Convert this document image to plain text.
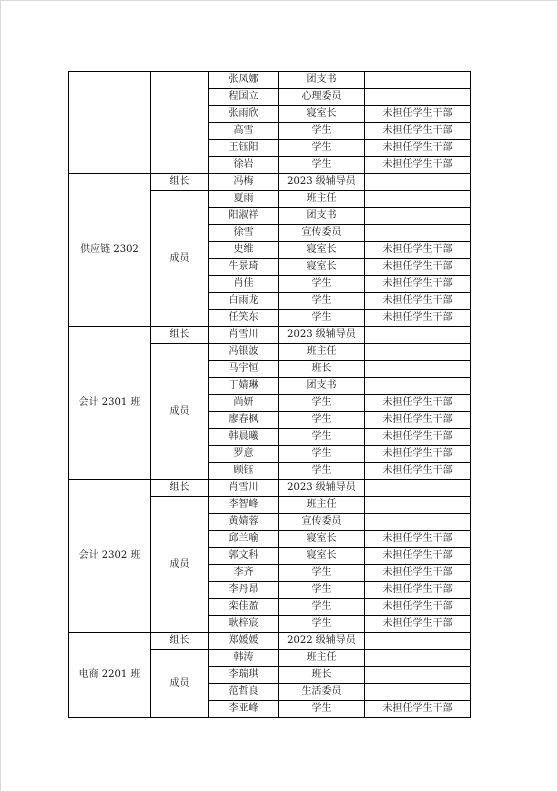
		张凤娜	团支书	
		程国立	心理委员	
		张雨欣	寝室长	未担任学生干部
		高雪	学生	未担任学生干部
		王钰阳	学生	未担任学生干部
		徐岩	学生	未担任学生干部
供应链 2302	组长	冯梅	2023 级辅导员	
	成员	夏雨	班主任	
		阳淑祥	团支书	
		徐雪	宣传委员	
		史维	寝室长	未担任学生干部
		牛景琦	寝室长	未担任学生干部
		肖佳	学生	未担任学生干部
		白雨龙	学生	未担任学生干部
		任笑东	学生	未担任学生干部
会计 2301 班	组长	肖雪川	2023 级辅导员	
	成员	冯银波	班主任	
		马宇恒	班长	
		丁婧琳	团支书	
		尚妍	学生	未担任学生干部
		廖春枫	学生	未担任学生干部
		韩晨曦	学生	未担任学生干部
		罗意	学生	未担任学生干部
		顾钰	学生	未担任学生干部
会计 2302 班	组长	肖雪川	2023 级辅导员	
	成员	李智峰	班主任	
		黄婧蓉	宣传委员	
		邱兰喻	寝室长	未担任学生干部
		郭文科	寝室长	未担任学生干部
		李齐	学生	未担任学生干部
		李丹昂	学生	未担任学生干部
		栾佳盈	学生	未担任学生干部
		耿梓宸	学生	未担任学生干部
电商 2201 班	组长	郑媛媛	2022 级辅导员	
	成员	韩涛	班主任	
		李瑞琪	班长	
		范哲良	生活委员	
		李亚峰	学生	未担任学生干部
